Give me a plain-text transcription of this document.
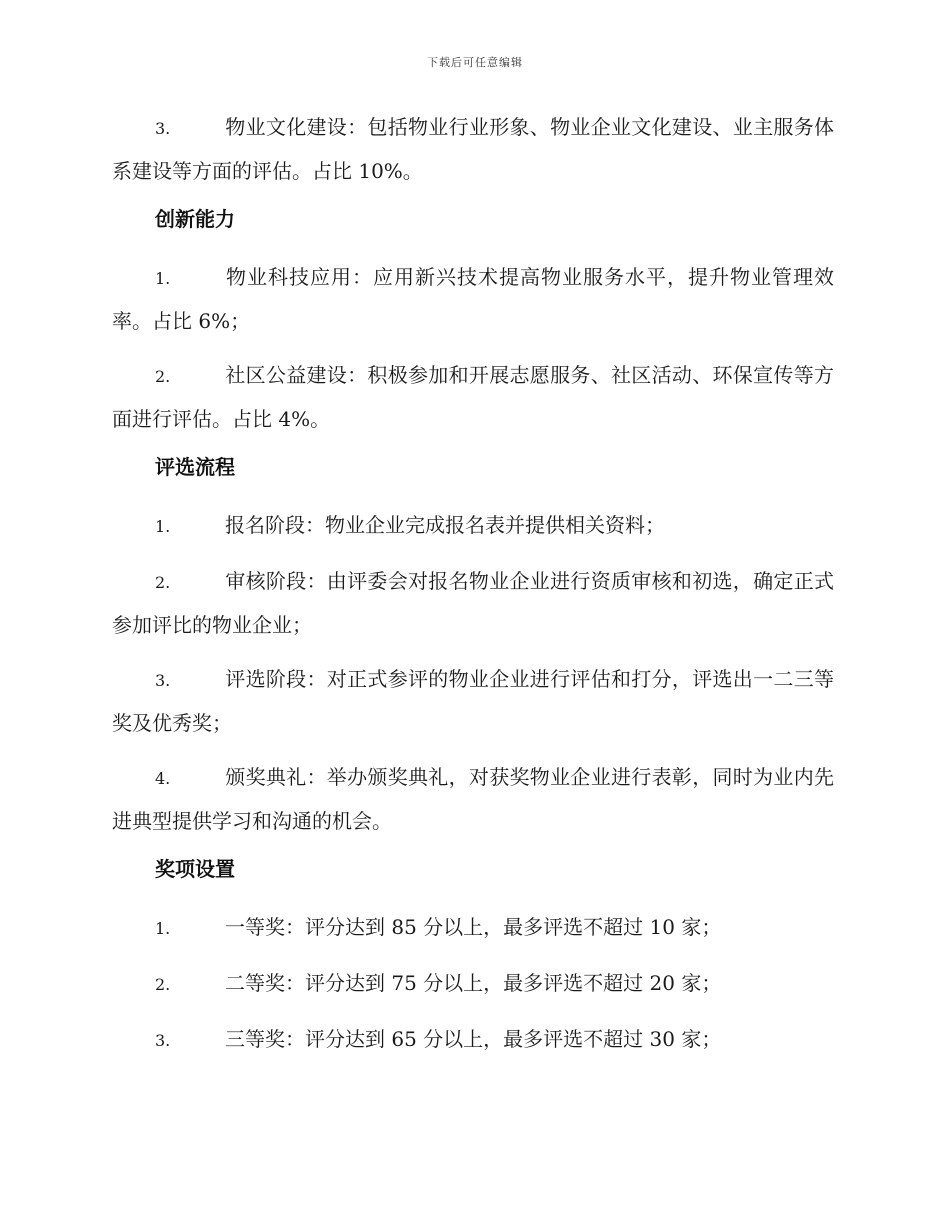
下载后可任意编辑

3.	物业文化建设：包括物业行业形象、物业企业文化建设、业主服务体系建设等方面的评估。占比 10%。

创新能力

1.	物业科技应用：应用新兴技术提高物业服务水平，提升物业管理效率。占比 6%；

2.	社区公益建设：积极参加和开展志愿服务、社区活动、环保宣传等方面进行评估。占比 4%。

评选流程

1.	报名阶段：物业企业完成报名表并提供相关资料；

2.	审核阶段：由评委会对报名物业企业进行资质审核和初选，确定正式参加评比的物业企业；

3.	评选阶段：对正式参评的物业企业进行评估和打分，评选出一二三等奖及优秀奖；

4.	颁奖典礼：举办颁奖典礼，对获奖物业企业进行表彰，同时为业内先进典型提供学习和沟通的机会。

奖项设置

1.	一等奖：评分达到 85 分以上，最多评选不超过 10 家；

2.	二等奖：评分达到 75 分以上，最多评选不超过 20 家；

3.	三等奖：评分达到 65 分以上，最多评选不超过 30 家；
